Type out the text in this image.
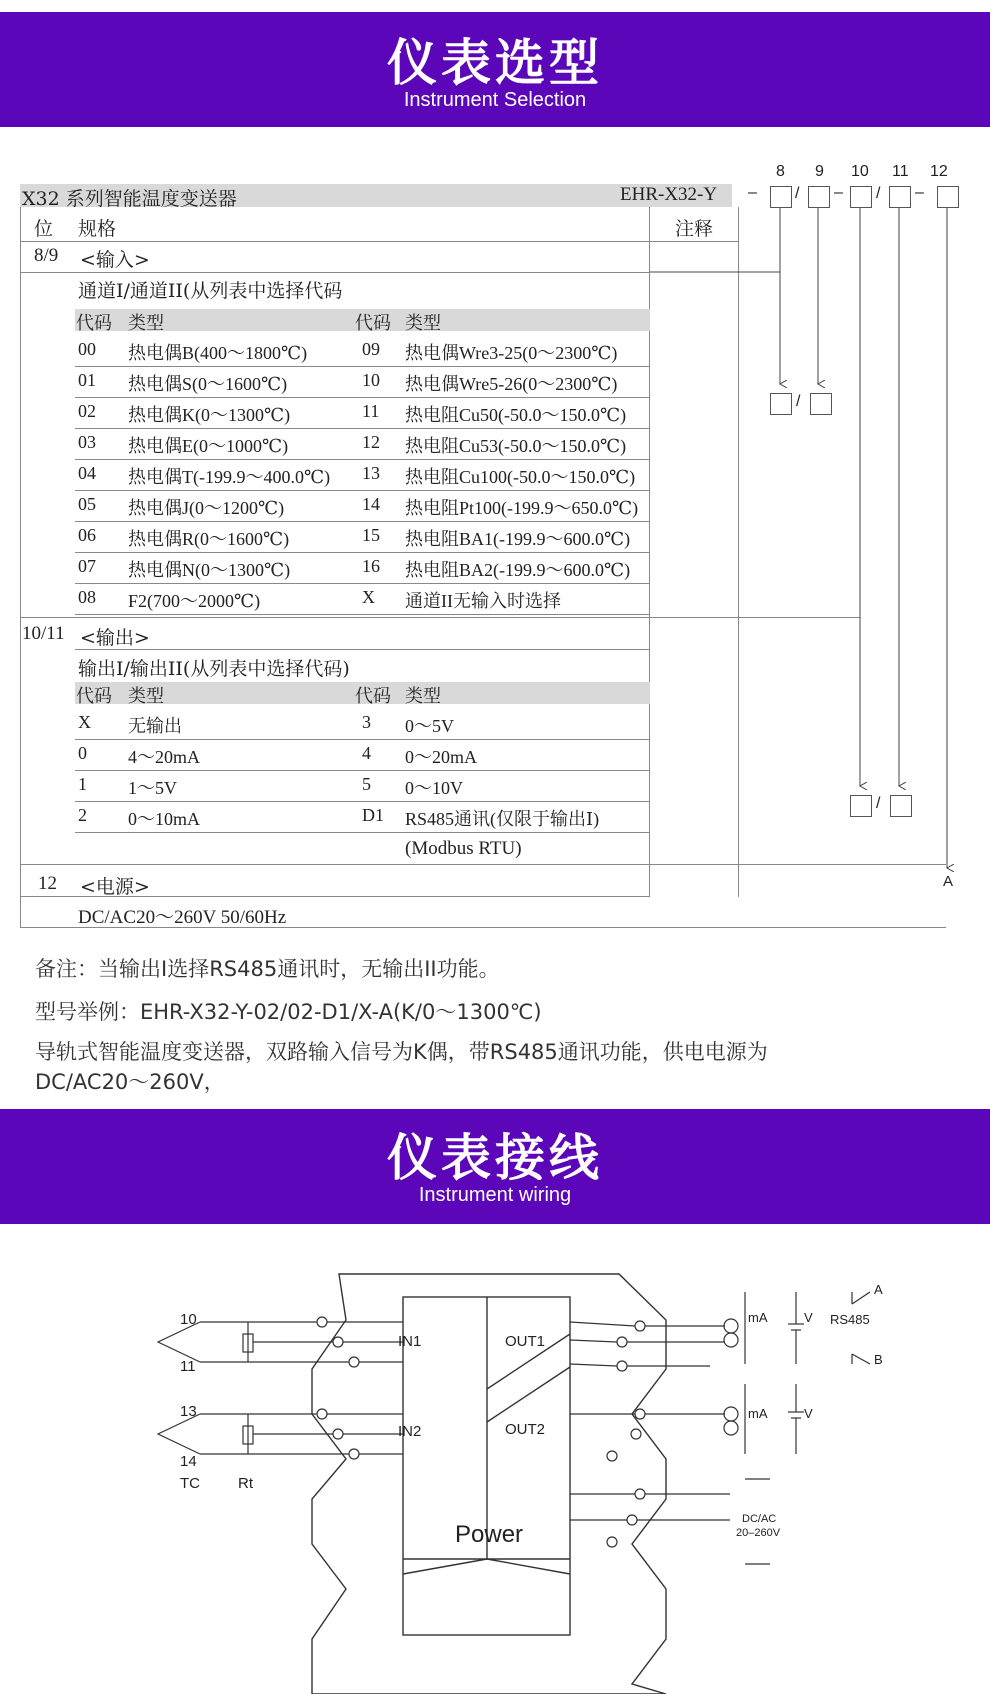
仪表选型
Instrument Selection
X32 系列智能温度变送器	EHR-X32-Y
位 规格	注释
8/9 <输入>
通道I/通道II(从列表中选择代码
代码 类型	代码 类型
00 热电偶B(400～1800℃)	09 热电偶Wre3-25(0～2300℃)
01 热电偶S(0～1600℃)	10 热电偶Wre5-26(0～2300℃)
02 热电偶K(0～1300℃)	11 热电阻Cu50(-50.0～150.0℃)
03 热电偶E(0～1000℃)	12 热电阻Cu53(-50.0～150.0℃)
04 热电偶T(-199.9～400.0℃) 13 热电阻Cu100(-50.0～150.0℃)
05 热电偶J(0～1200℃)	14 热电阻Pt100(-199.9～650.0℃)
06 热电偶R(0～1600℃)	15 热电阻BA1(-199.9～600.0℃)
07 热电偶N(0～1300℃)	16 热电阻BA2(-199.9～600.0℃)
08 F2(700～2000℃)	X 通道II无输入时选择
10/11 <输出>
输出I/输出II(从列表中选择代码)
代码 类型	代码 类型
X 无输出	3 0～5V
0 4～20mA	4 0～20mA
1 1～5V	5 0～10V
2 0～10mA	D1 RS485通讯(仅限于输出Ⅰ)
(Modbus RTU)
12 <电源>
DC/AC20～260V 50/60Hz
8 9 10 11 12
– / – / –
/
/
A
备注：当输出Ⅰ选择RS485通讯时，无输出II功能。
型号举例：EHR-X32-Y-02/02-D1/X-A(K/0～1300℃)
导轨式智能温度变送器，双路输入信号为K偶，带RS485通讯功能，供电电源为
DC/AC20～260V，
仪表接线
Instrument wiring
IN1
IN2
OUT1
OUT2
Power
10
11
13
14
TC	Rt
mA	V RS485
A
B
mA	V
DC/AC
20–260V
